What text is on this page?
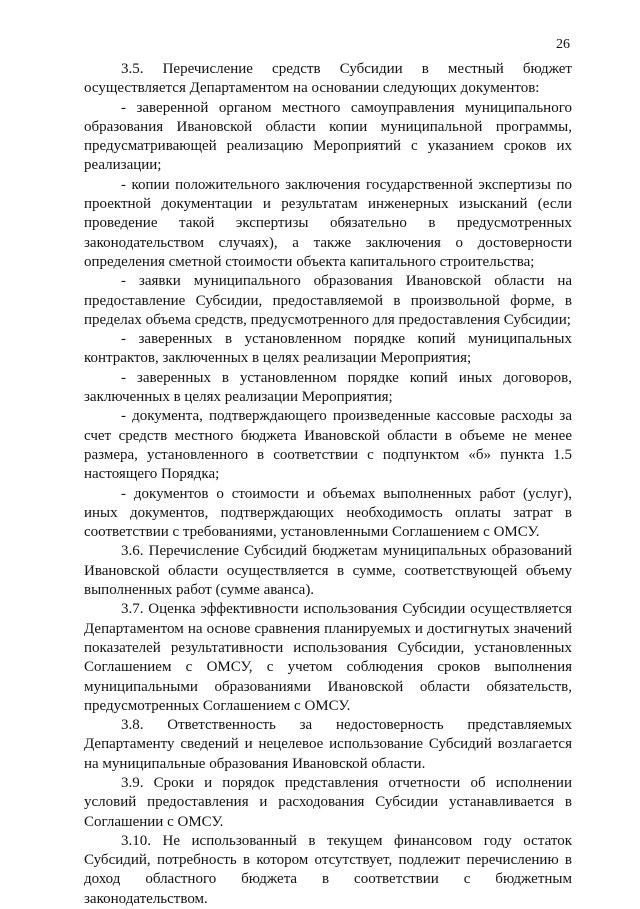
26

3.5. Перечисление средств Субсидии в местный бюджет осуществляется Департаментом на основании следующих документов:

- заверенной органом местного самоуправления муниципального образования Ивановской области копии муниципальной программы, предусматривающей реализацию Мероприятий с указанием сроков их реализации;

- копии положительного заключения государственной экспертизы по проектной документации и результатам инженерных изысканий (если проведение такой экспертизы обязательно в предусмотренных законодательством случаях), а также заключения о достоверности определения сметной стоимости объекта капитального строительства;

- заявки муниципального образования Ивановской области на предоставление Субсидии, предоставляемой в произвольной форме, в пределах объема средств, предусмотренного для предоставления Субсидии;

- заверенных в установленном порядке копий муниципальных контрактов, заключенных в целях реализации Мероприятия;

- заверенных в установленном порядке копий иных договоров, заключенных в целях реализации Мероприятия;

- документа, подтверждающего произведенные кассовые расходы за счет средств местного бюджета Ивановской области в объеме не менее размера, установленного в соответствии с подпунктом «б» пункта 1.5 настоящего Порядка;

- документов о стоимости и объемах выполненных работ (услуг), иных документов, подтверждающих необходимость оплаты затрат в соответствии с требованиями, установленными Соглашением с ОМСУ.

3.6. Перечисление Субсидий бюджетам муниципальных образований Ивановской области осуществляется в сумме, соответствующей объему выполненных работ (сумме аванса).

3.7. Оценка эффективности использования Субсидии осуществляется Департаментом на основе сравнения планируемых и достигнутых значений показателей результативности использования Субсидии, установленных Соглашением с ОМСУ, с учетом соблюдения сроков выполнения муниципальными образованиями Ивановской области обязательств, предусмотренных Соглашением с ОМСУ.

3.8. Ответственность за недостоверность представляемых Департаменту сведений и нецелевое использование Субсидий возлагается на муниципальные образования Ивановской области.

3.9. Сроки и порядок представления отчетности об исполнении условий предоставления и расходования Субсидии устанавливается в Соглашении с ОМСУ.

3.10. Не использованный в текущем финансовом году остаток Субсидий, потребность в котором отсутствует, подлежит перечислению в доход областного бюджета в соответствии с бюджетным законодательством.
